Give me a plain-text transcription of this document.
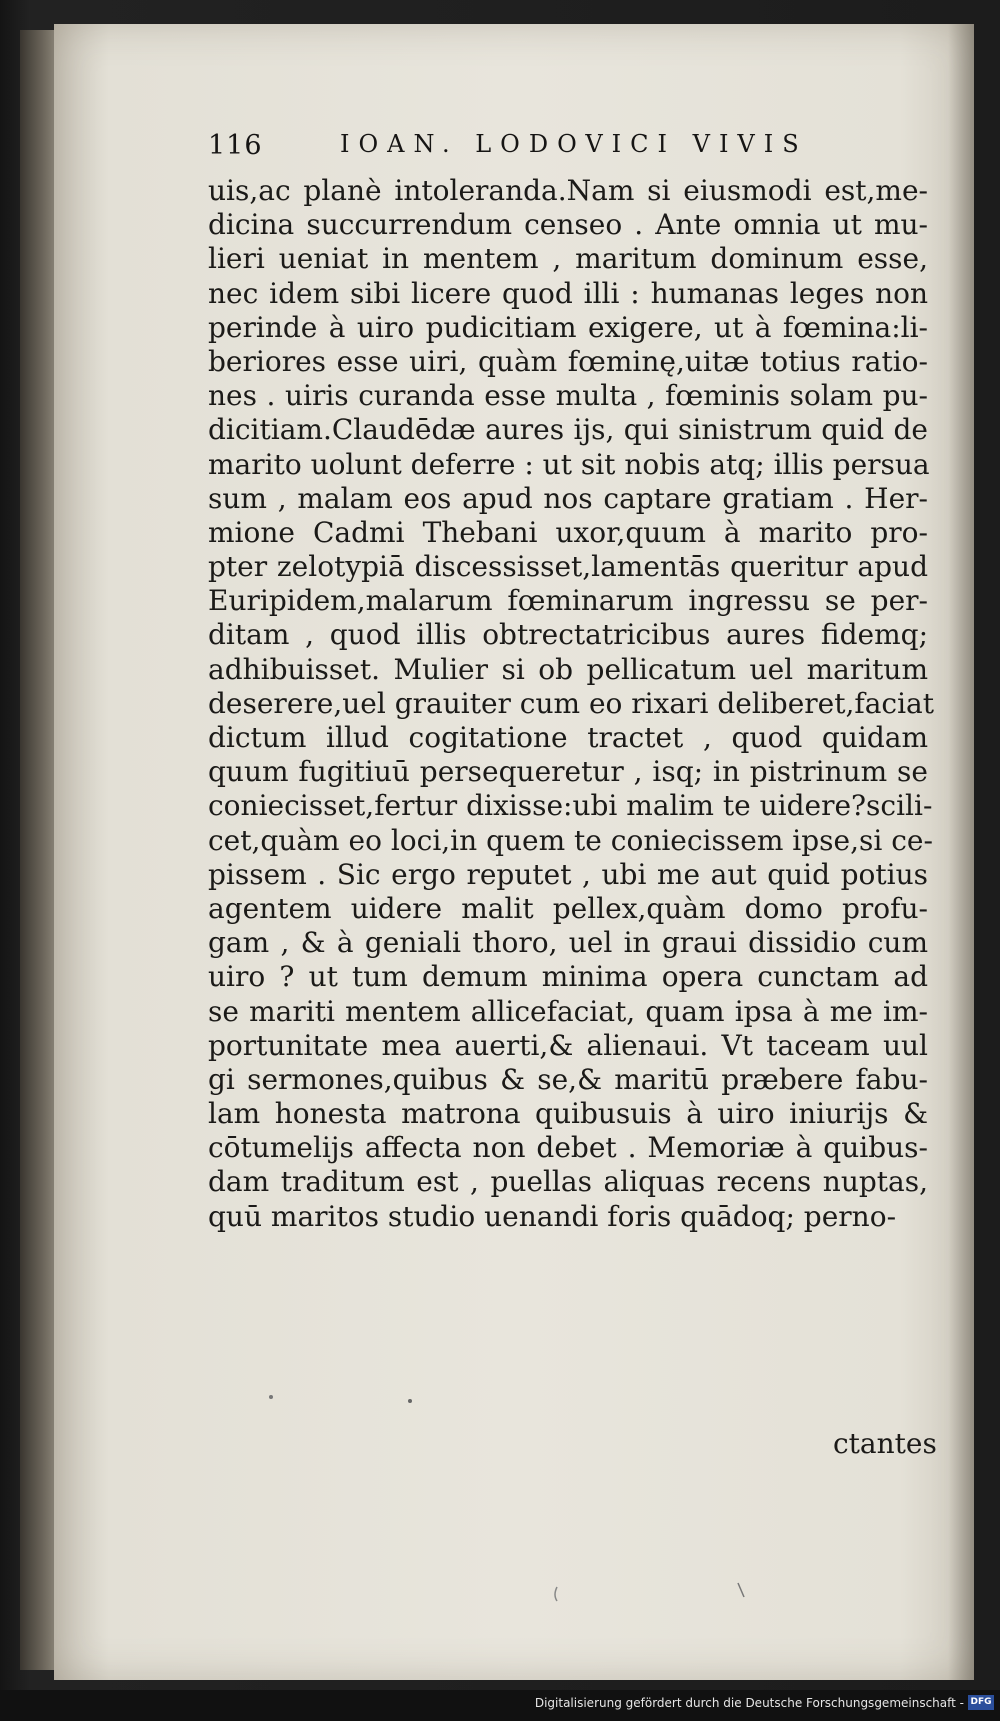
116	IOAN. LODOVICI VIVIS
uis,ac planè intoleranda.Nam si eiusmodi est,me-
dicina succurrendum censeo . Ante omnia ut mu-
lieri ueniat in mentem , maritum dominum esse,
nec idem sibi licere quod illi : humanas leges non
perinde à uiro pudicitiam exigere, ut à fœmina:li-
beriores esse uiri, quàm fœminę,uitæ totius ratio-
nes . uiris curanda esse multa , fœminis solam pu-
dicitiam.Claudēdæ aures ijs, qui sinistrum quid de
marito uolunt deferre : ut sit nobis atq; illis persua
sum , malam eos apud nos captare gratiam . Her-
mione Cadmi Thebani uxor,quum à marito pro-
pter zelotypiā discessisset,lamentās queritur apud
Euripidem,malarum fœminarum ingressu se per-
ditam , quod illis obtrectatricibus aures fidemq;
adhibuisset. Mulier si ob pellicatum uel maritum
deserere,uel grauiter cum eo rixari deliberet,faciat
dictum illud cogitatione tractet , quod quidam
quum fugitiuū persequeretur , isq; in pistrinum se
coniecisset,fertur dixisse:ubi malim te uidere?scili-
cet,quàm eo loci,in quem te coniecissem ipse,si ce-
pissem . Sic ergo reputet , ubi me aut quid potius
agentem uidere malit pellex,quàm domo profu-
gam , & à geniali thoro, uel in graui dissidio cum
uiro ? ut tum demum minima opera cunctam ad
se mariti mentem allicefaciat, quam ipsa à me im-
portunitate mea auerti,& alienaui. Vt taceam uul
gi sermones,quibus & se,& maritū præbere fabu-
lam honesta matrona quibusuis à uiro iniurijs &
cōtumelijs affecta non debet . Memoriæ à quibus-
dam traditum est , puellas aliquas recens nuptas,
quū maritos studio uenandi foris quādoq; perno-
ctantes
Digitalisierung gefördert durch die Deutsche Forschungsgemeinschaft - DFG
